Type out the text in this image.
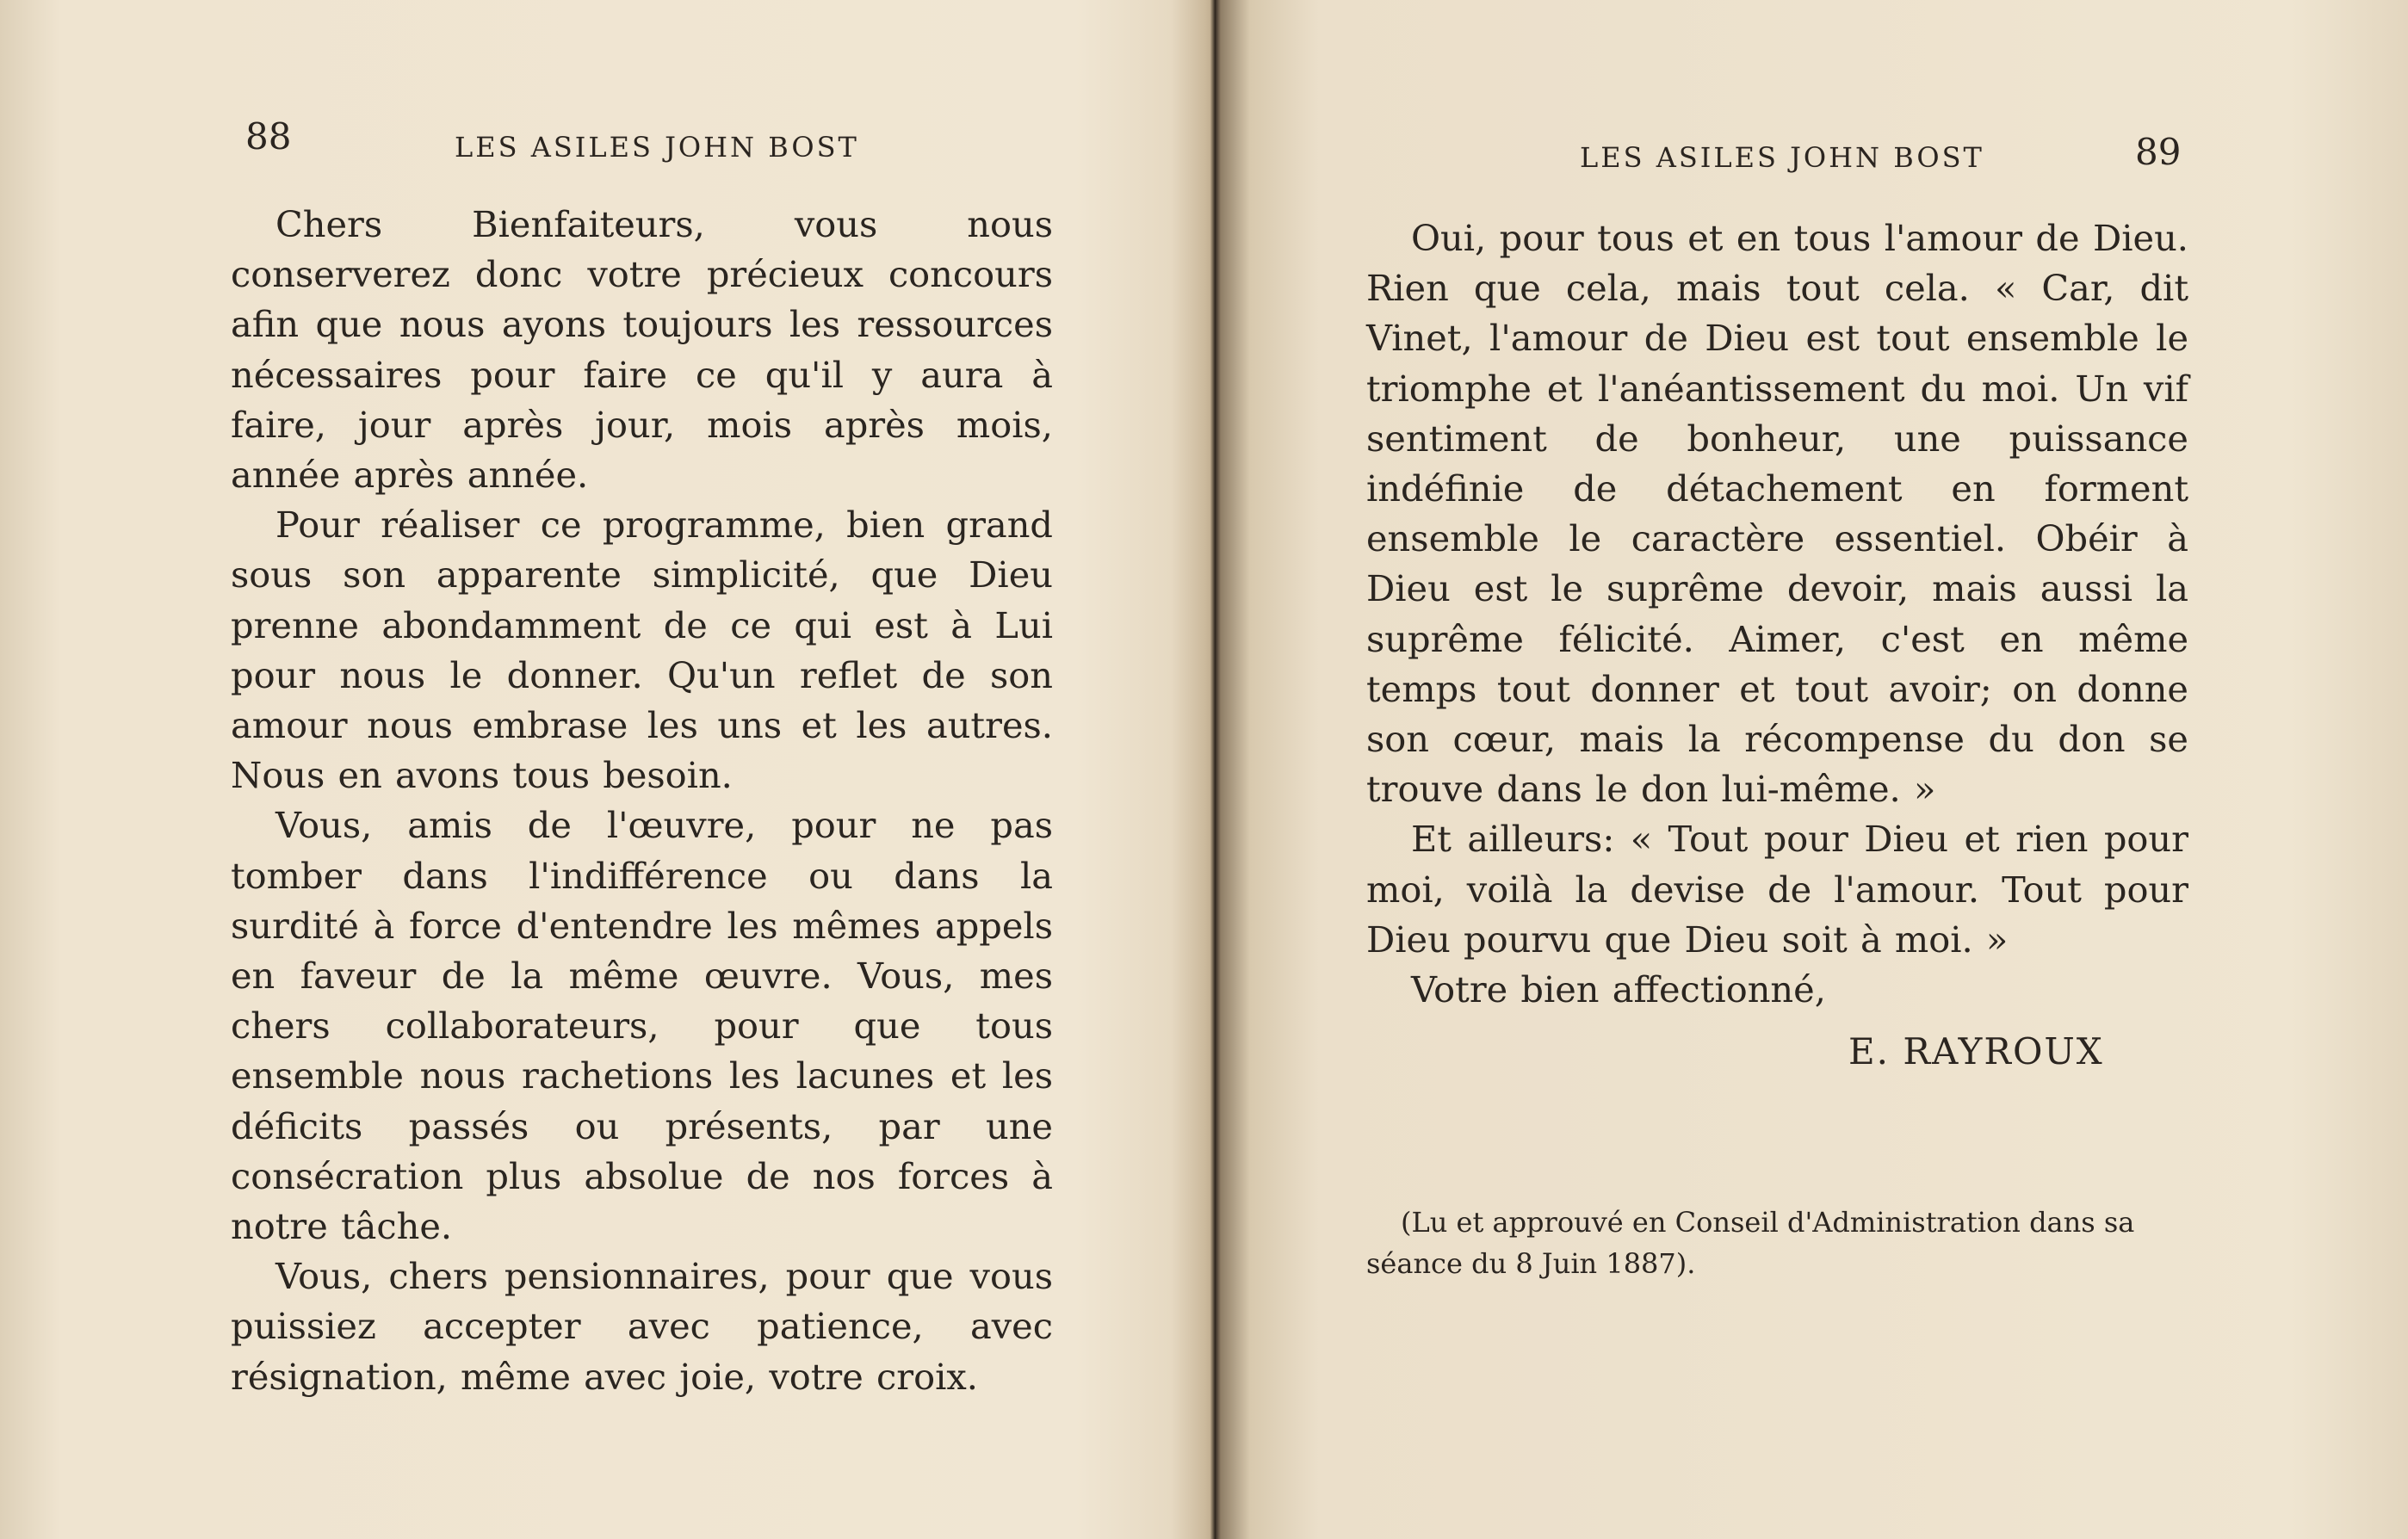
88	LES ASILES JOHN BOST

Chers Bienfaiteurs, vous nous conserverez donc votre précieux concours afin que nous ayons toujours les ressources nécessaires pour faire ce qu'il y aura à faire, jour après jour, mois après mois, année après année.

Pour réaliser ce programme, bien grand sous son apparente simplicité, que Dieu prenne abondamment de ce qui est à Lui pour nous le donner. Qu'un reflet de son amour nous embrase les uns et les autres. Nous en avons tous besoin.

Vous, amis de l'œuvre, pour ne pas tomber dans l'indifférence ou dans la surdité à force d'entendre les mêmes appels en faveur de la même œuvre. Vous, mes chers collaborateurs, pour que tous ensemble nous rachetions les lacunes et les déficits passés ou présents, par une consécration plus absolue de nos forces à notre tâche.

Vous, chers pensionnaires, pour que vous puissiez accepter avec patience, avec résignation, même avec joie, votre croix.

LES ASILES JOHN BOST	89

Oui, pour tous et en tous l'amour de Dieu. Rien que cela, mais tout cela. « Car, dit Vinet, l'amour de Dieu est tout ensemble le triomphe et l'anéantissement du moi. Un vif sentiment de bonheur, une puissance indéfinie de détachement en forment ensemble le caractère essentiel. Obéir à Dieu est le suprême devoir, mais aussi la suprême félicité. Aimer, c'est en même temps tout donner et tout avoir; on donne son cœur, mais la récompense du don se trouve dans le don lui-même. »

Et ailleurs: « Tout pour Dieu et rien pour moi, voilà la devise de l'amour. Tout pour Dieu pourvu que Dieu soit à moi. »

Votre bien affectionné,

E. RAYROUX
(Lu et approuvé en Conseil d'Administration dans sa séance du 8 Juin 1887).
